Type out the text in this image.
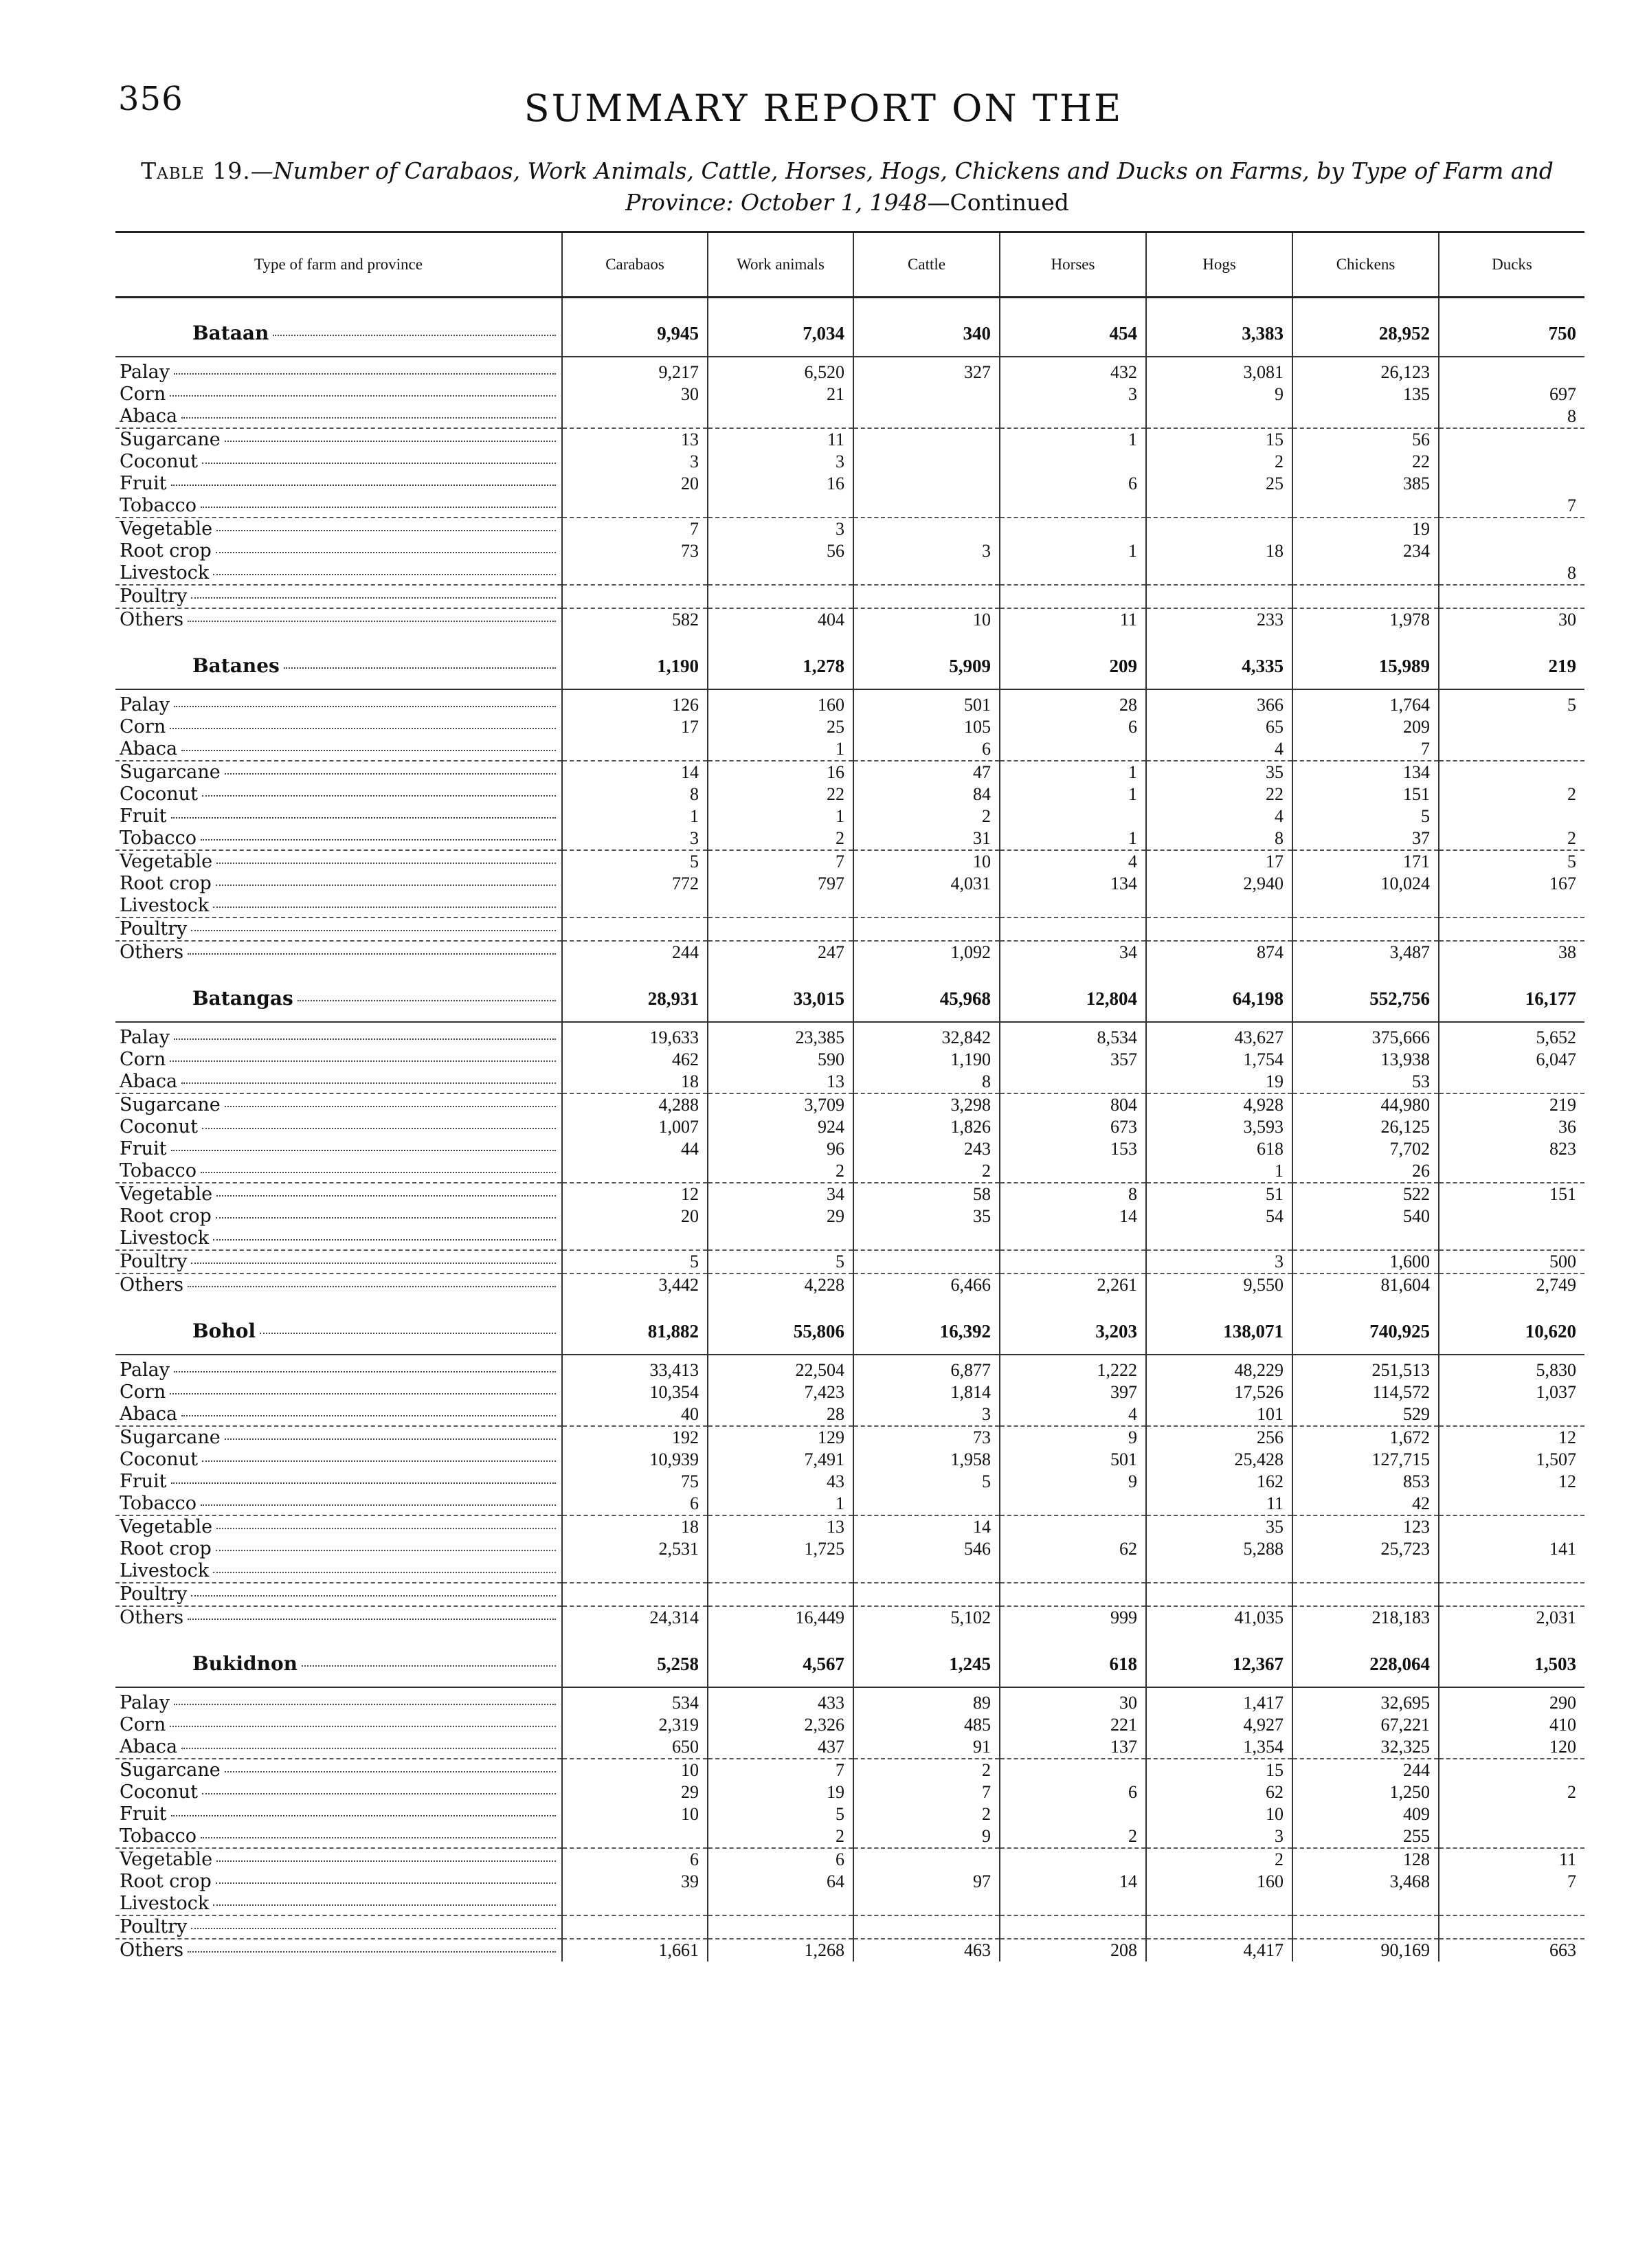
356	SUMMARY REPORT ON THE
Table 19.—Number of Carabaos, Work Animals, Cattle, Horses, Hogs, Chickens and Ducks on Farms, by Type of Farm and Province: October 1, 1948—Continued
Type of farm and province	Carabaos	Work animals	Cattle	Horses	Hogs	Chickens	Ducks

Bataan	9,945	7,034	340	454	3,383	28,952	750

Palay	9,217	6,520	327	432	3,081	26,123	

Corn	30	21		3	9	135	697

Abaca							8

Sugarcane	13	11		1	15	56	

Coconut	3	3			2	22	

Fruit	20	16		6	25	385	

Tobacco							7

Vegetable	7	3				19	

Root crop	73	56	3	1	18	234	

Livestock							8

Poultry							

Others	582	404	10	11	233	1,978	30

Batanes	1,190	1,278	5,909	209	4,335	15,989	219

Palay	126	160	501	28	366	1,764	5

Corn	17	25	105	6	65	209	

Abaca		1	6		4	7	

Sugarcane	14	16	47	1	35	134	

Coconut	8	22	84	1	22	151	2

Fruit	1	1	2		4	5	

Tobacco	3	2	31	1	8	37	2

Vegetable	5	7	10	4	17	171	5

Root crop	772	797	4,031	134	2,940	10,024	167

Livestock							

Poultry							

Others	244	247	1,092	34	874	3,487	38

Batangas	28,931	33,015	45,968	12,804	64,198	552,756	16,177

Palay	19,633	23,385	32,842	8,534	43,627	375,666	5,652

Corn	462	590	1,190	357	1,754	13,938	6,047

Abaca	18	13	8		19	53	

Sugarcane	4,288	3,709	3,298	804	4,928	44,980	219

Coconut	1,007	924	1,826	673	3,593	26,125	36

Fruit	44	96	243	153	618	7,702	823

Tobacco		2	2		1	26	

Vegetable	12	34	58	8	51	522	151

Root crop	20	29	35	14	54	540	

Livestock							

Poultry	5	5			3	1,600	500

Others	3,442	4,228	6,466	2,261	9,550	81,604	2,749

Bohol	81,882	55,806	16,392	3,203	138,071	740,925	10,620

Palay	33,413	22,504	6,877	1,222	48,229	251,513	5,830

Corn	10,354	7,423	1,814	397	17,526	114,572	1,037

Abaca	40	28	3	4	101	529	

Sugarcane	192	129	73	9	256	1,672	12

Coconut	10,939	7,491	1,958	501	25,428	127,715	1,507

Fruit	75	43	5	9	162	853	12

Tobacco	6	1			11	42	

Vegetable	18	13	14		35	123	

Root crop	2,531	1,725	546	62	5,288	25,723	141

Livestock							

Poultry							

Others	24,314	16,449	5,102	999	41,035	218,183	2,031

Bukidnon	5,258	4,567	1,245	618	12,367	228,064	1,503

Palay	534	433	89	30	1,417	32,695	290

Corn	2,319	2,326	485	221	4,927	67,221	410

Abaca	650	437	91	137	1,354	32,325	120

Sugarcane	10	7	2		15	244	

Coconut	29	19	7	6	62	1,250	2

Fruit	10	5	2		10	409	

Tobacco		2	9	2	3	255	

Vegetable	6	6			2	128	11

Root crop	39	64	97	14	160	3,468	7

Livestock							

Poultry							

Others	1,661	1,268	463	208	4,417	90,169	663
